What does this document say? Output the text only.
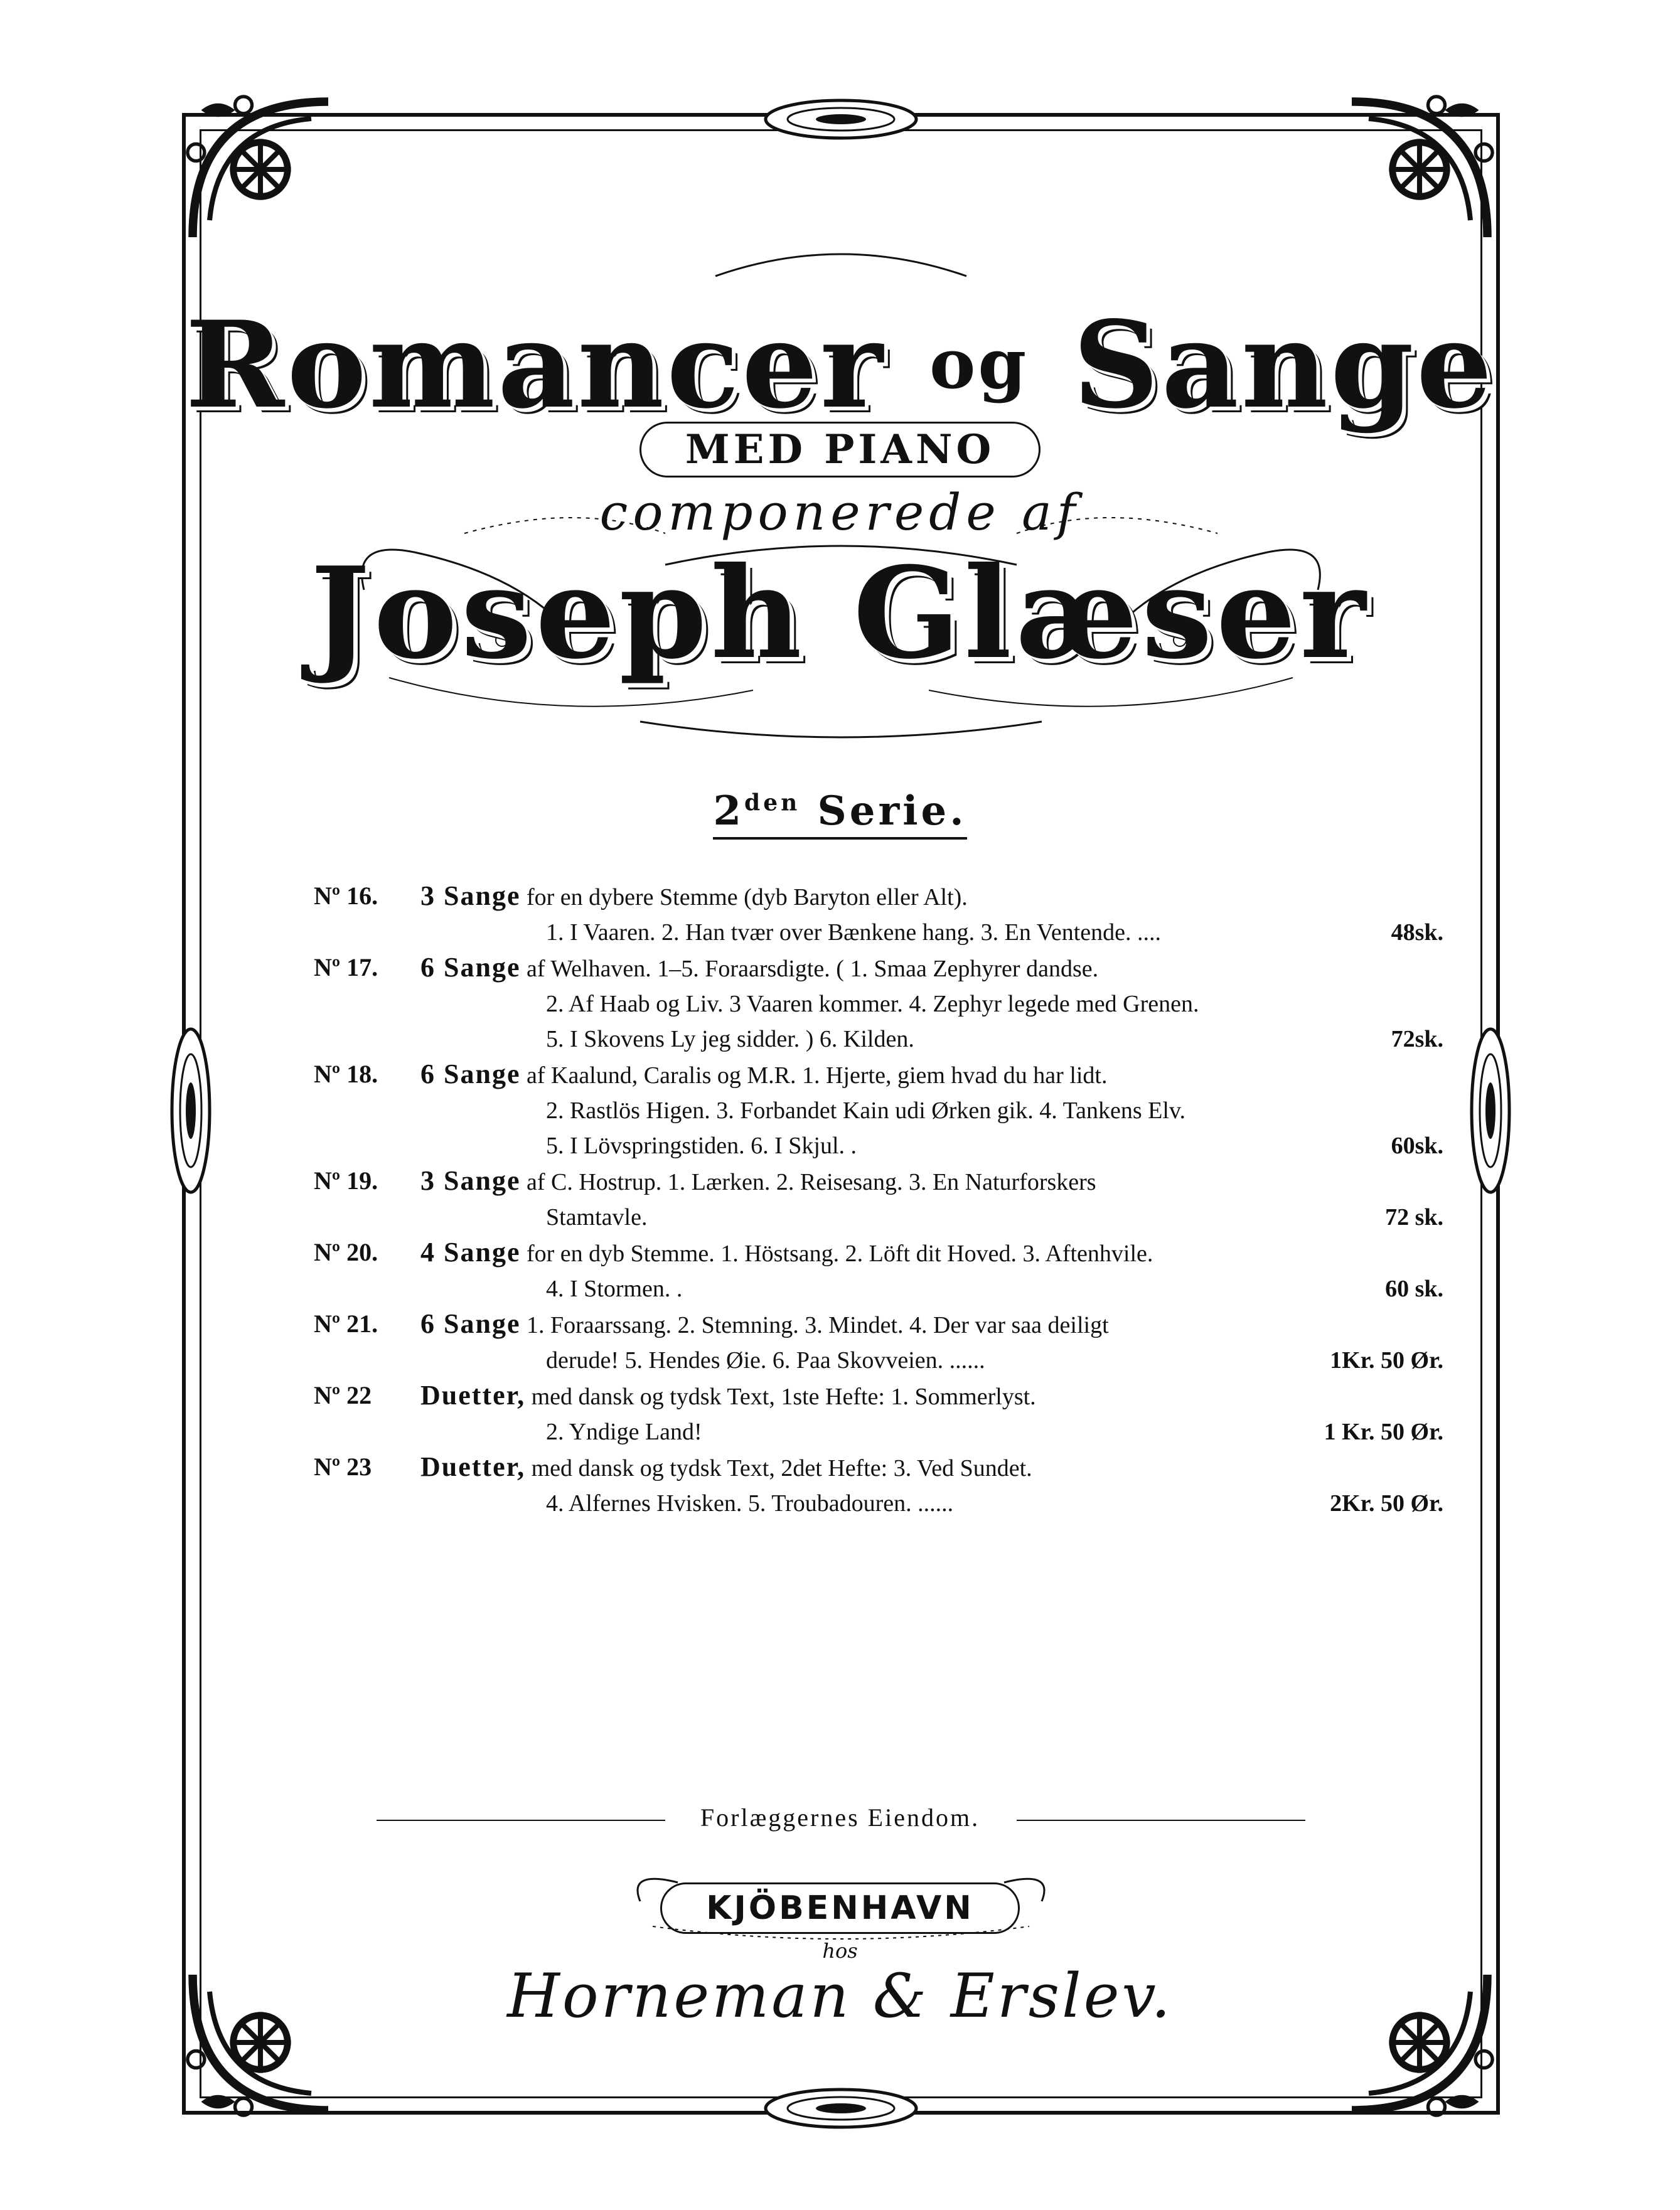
Romancer og Sange
MED PIANO
componerede af
Joseph Glæser
$2^{den}$ Serie.
Nº 16.	3 Sange for en dybere Stemme (dyb Baryton eller Alt).
1. I Vaaren. 2. Han tvær over Bænkene hang. 3. En Ventende. ....	48sk.
Nº 17.	6 Sange af Welhaven. 1–5. Foraarsdigte. ( 1. Smaa Zephyrer dandse.
2. Af Haab og Liv. 3 Vaaren kommer. 4. Zephyr legede med Grenen.
5. I Skovens Ly jeg sidder. ) 6. Kilden.	72sk.
Nº 18.	6 Sange af Kaalund, Caralis og M.R. 1. Hjerte, giem hvad du har lidt.
2. Rastlös Higen. 3. Forbandet Kain udi Ørken gik. 4. Tankens Elv.
5. I Lövspringstiden. 6. I Skjul. .	60sk.
Nº 19.	3 Sange af C. Hostrup. 1. Lærken. 2. Reisesang. 3. En Naturforskers
Stamtavle.	72 sk.
Nº 20.	4 Sange for en dyb Stemme. 1. Höstsang. 2. Löft dit Hoved. 3. Aftenhvile.
4. I Stormen. .	60 sk.
Nº 21.	6 Sange 1. Foraarssang. 2. Stemning. 3. Mindet. 4. Der var saa deiligt
derude! 5. Hendes Øie. 6. Paa Skovveien. ......	1Kr. 50 Ør.
Nº 22	Duetter, med dansk og tydsk Text, 1ste Hefte: 1. Sommerlyst.
2. Yndige Land!	1 Kr. 50 Ør.
Nº 23	Duetter, med dansk og tydsk Text, 2det Hefte: 3. Ved Sundet.
4. Alfernes Hvisken. 5. Troubadouren. ......	2Kr. 50 Ør.
Forlæggernes Eiendom.
KJÖBENHAVN
hos
Horneman & Erslev.
